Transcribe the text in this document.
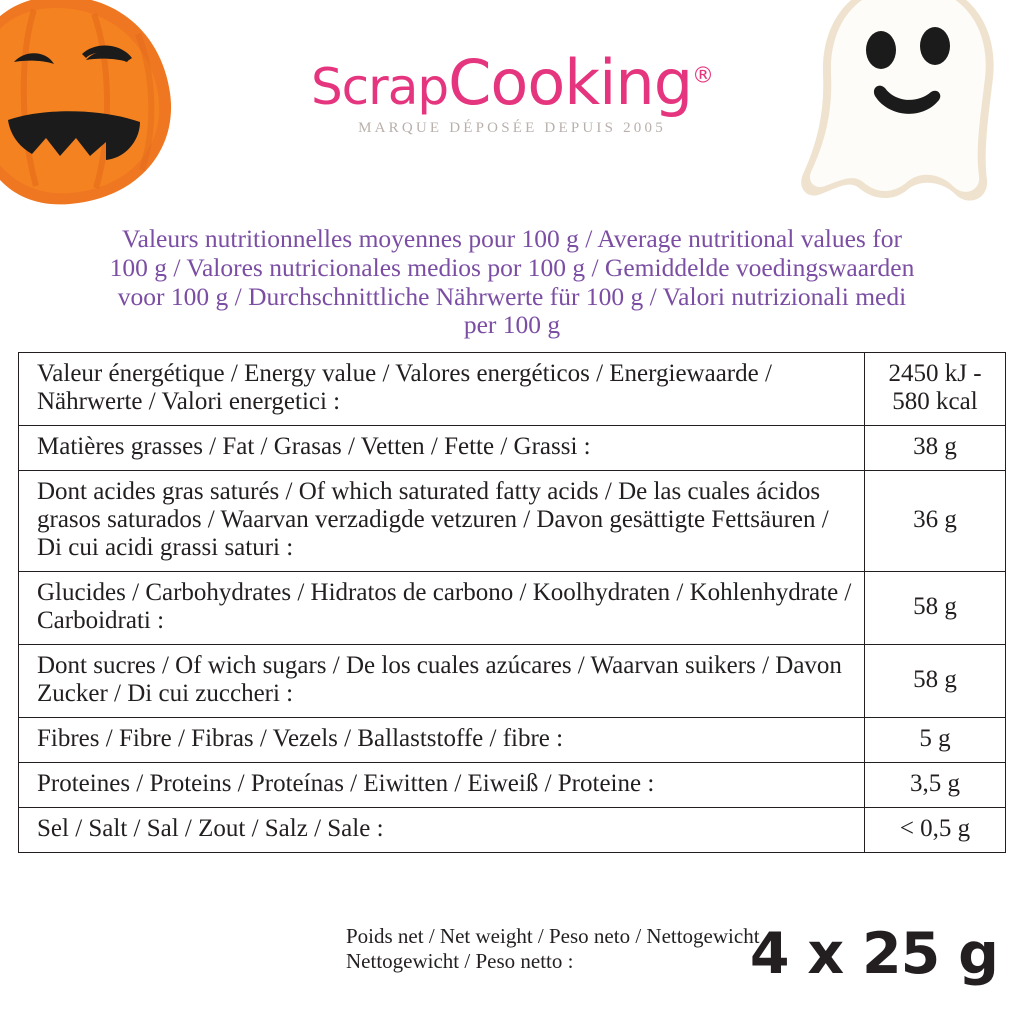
ScrapCooking®
MARQUE DÉPOSÉE DEPUIS 2005
Valeurs nutritionnelles moyennes pour 100 g / Average nutritional values for 100 g / Valores nutricionales medios por 100 g / Gemiddelde voedingswaarden voor 100 g / Durchschnittliche Nährwerte für 100 g / Valori nutrizionali medi per 100 g
Valeur énergétique / Energy value / Valores energéticos / Energiewaarde / Nährwerte / Valori energetici :	2450 kJ - 580 kcal
Matières grasses / Fat / Grasas / Vetten / Fette / Grassi :	38 g
Dont acides gras saturés / Of which saturated fatty acids / De las cuales ácidos grasos saturados / Waarvan verzadigde vetzuren / Davon gesättigte Fettsäuren / Di cui acidi grassi saturi :	36 g
Glucides / Carbohydrates / Hidratos de carbono / Koolhydraten / Kohlenhydrate / Carboidrati :	58 g
Dont sucres / Of wich sugars / De los cuales azúcares / Waarvan suikers / Davon Zucker / Di cui zuccheri :	58 g
Fibres / Fibre / Fibras / Vezels / Ballaststoffe / fibre :	5 g
Proteines / Proteins / Proteínas / Eiwitten / Eiweiß / Proteine :	3,5 g
Sel / Salt / Sal / Zout / Salz / Sale :	< 0,5 g
Poids net / Net weight / Peso neto / Nettogewicht Nettogewicht / Peso netto :	4 x 25 g
